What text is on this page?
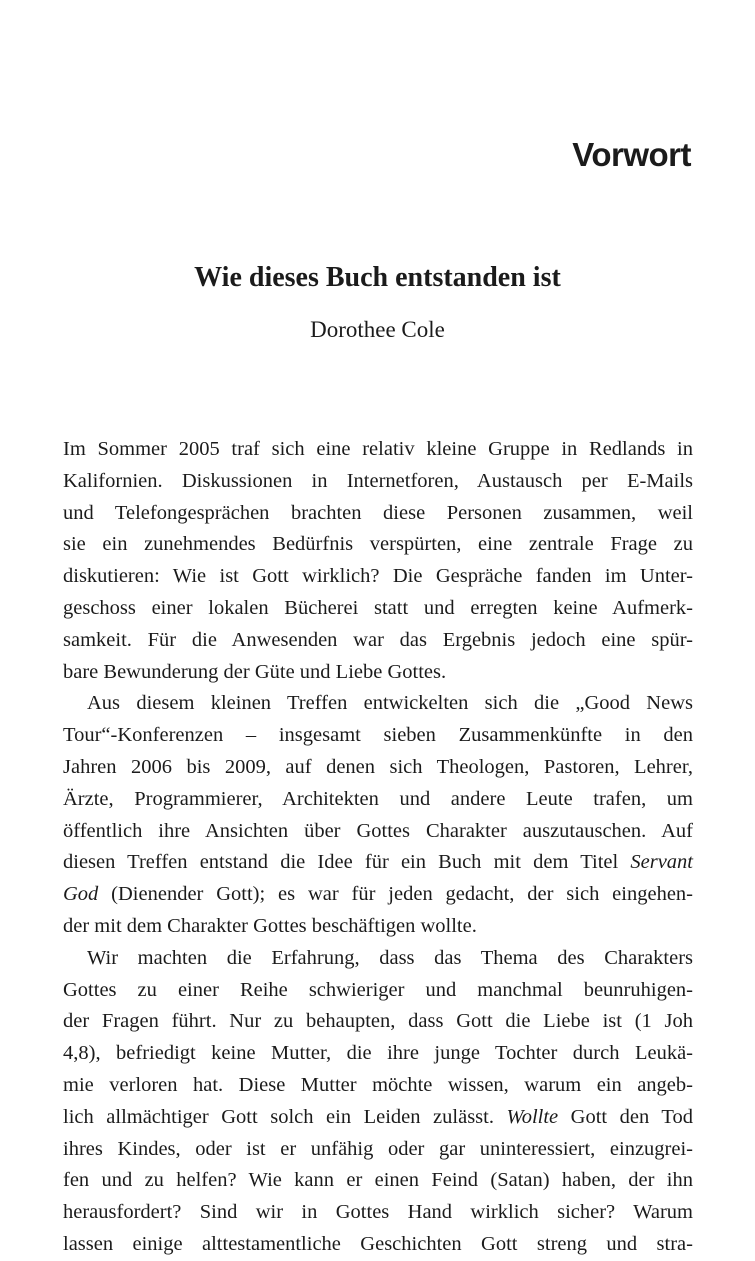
Vorwort
Wie dieses Buch entstanden ist

Dorothee Cole

Im Sommer 2005 traf sich eine relativ kleine Gruppe in Redlands in
Kalifornien. Diskussionen in Internetforen, Austausch per E-Mails
und Telefongesprächen brachten diese Personen zusammen, weil
sie ein zunehmendes Bedürfnis verspürten, eine zentrale Frage zu
diskutieren: Wie ist Gott wirklich? Die Gespräche fanden im Unter-
geschoss einer lokalen Bücherei statt und erregten keine Aufmerk-
samkeit. Für die Anwesenden war das Ergebnis jedoch eine spür-
bare Bewunderung der Güte und Liebe Gottes.
Aus diesem kleinen Treffen entwickelten sich die „Good News
Tour“-Konferenzen – insgesamt sieben Zusammenkünfte in den
Jahren 2006 bis 2009, auf denen sich Theologen, Pastoren, Lehrer,
Ärzte, Programmierer, Architekten und andere Leute trafen, um
öffentlich ihre Ansichten über Gottes Charakter auszutauschen. Auf
diesen Treffen entstand die Idee für ein Buch mit dem Titel Servant
God (Dienender Gott); es war für jeden gedacht, der sich eingehen-
der mit dem Charakter Gottes beschäftigen wollte.
Wir machten die Erfahrung, dass das Thema des Charakters
Gottes zu einer Reihe schwieriger und manchmal beunruhigen-
der Fragen führt. Nur zu behaupten, dass Gott die Liebe ist (1 Joh
4,8), befriedigt keine Mutter, die ihre junge Tochter durch Leukä-
mie verloren hat. Diese Mutter möchte wissen, warum ein angeb-
lich allmächtiger Gott solch ein Leiden zulässt. Wollte Gott den Tod
ihres Kindes, oder ist er unfähig oder gar uninteressiert, einzugrei-
fen und zu helfen? Wie kann er einen Feind (Satan) haben, der ihn
herausfordert? Sind wir in Gottes Hand wirklich sicher? Warum
lassen einige alttestamentliche Geschichten Gott streng und stra-
